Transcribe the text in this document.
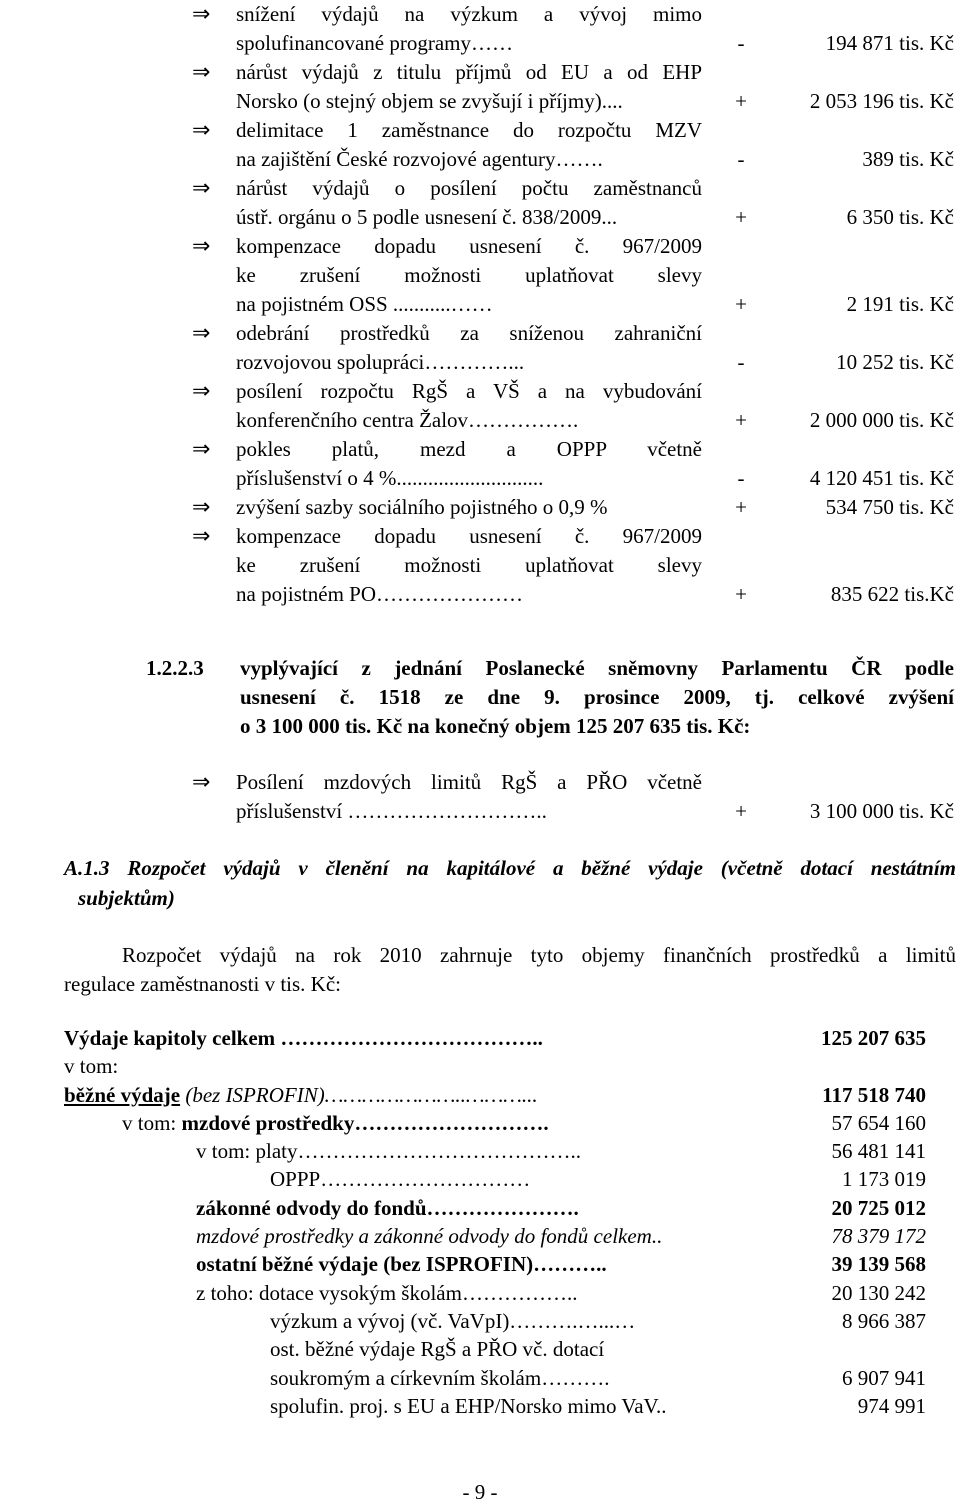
⇒ snížení výdajů na výzkum a vývoj mimo
spolufinancované programy……	-	194 871 tis. Kč
⇒ nárůst výdajů z titulu příjmů od EU a od EHP
Norsko (o stejný objem se zvyšují i příjmy)....	+	2 053 196 tis. Kč
⇒ delimitace 1 zaměstnance do rozpočtu MZV
na zajištění České rozvojové agentury…….	-	389 tis. Kč
⇒ nárůst výdajů o posílení počtu zaměstnanců
ústř. orgánu o 5 podle usnesení č. 838/2009...	+	6 350 tis. Kč
⇒ kompenzace dopadu usnesení č. 967/2009
ke zrušení možnosti uplatňovat slevy
na pojistném OSS ...........……	+	2 191 tis. Kč
⇒ odebrání prostředků za sníženou zahraniční
rozvojovou spolupráci…………...	-	10 252 tis. Kč
⇒ posílení rozpočtu RgŠ a VŠ a na vybudování
konferenčního centra Žalov…………….	+	2 000 000 tis. Kč
⇒ pokles platů, mezd a OPPP včetně
příslušenství o 4 %............................	-	4 120 451 tis. Kč
⇒ zvýšení sazby sociálního pojistného o 0,9 %	+	534 750 tis. Kč
⇒ kompenzace dopadu usnesení č. 967/2009
ke zrušení možnosti uplatňovat slevy
na pojistném PO…………………	+	835 622 tis.Kč
1.2.2.3	vyplývající z jednání Poslanecké sněmovny Parlamentu ČR podle
usnesení č. 1518 ze dne 9. prosince 2009, tj. celkové zvýšení
o 3 100 000 tis. Kč na konečný objem 125 207 635 tis. Kč:
⇒ Posílení mzdových limitů RgŠ a PŘO včetně
příslušenství ………………………..	+	3 100 000 tis. Kč
A.1.3 Rozpočet výdajů v členění na kapitálové a běžné výdaje (včetně dotací nestátním
subjektům)
Rozpočet výdajů na rok 2010 zahrnuje tyto objemy finančních prostředků a limitů
regulace zaměstnanosti v tis. Kč:
Výdaje kapitoly celkem ………………………………..	125 207 635
v tom:
běžné výdaje (bez ISPROFIN)…………………..………...	117 518 740
v tom: mzdové prostředky……………………….	57 654 160
v tom: platy…………………………………..	56 481 141
OPPP…………………………	1 173 019
zákonné odvody do fondů………………….	20 725 012
mzdové prostředky a zákonné odvody do fondů celkem..	78 379 172
ostatní běžné výdaje (bez ISPROFIN)………..	39 139 568
z toho: dotace vysokým školám……………..	20 130 242
výzkum a vývoj (vč. VaVpI)……….…...…	8 966 387
ost. běžné výdaje RgŠ a PŘO vč. dotací
soukromým a církevním školám……….	6 907 941
spolufin. proj. s EU a EHP/Norsko mimo VaV..	974 991
- 9 -
